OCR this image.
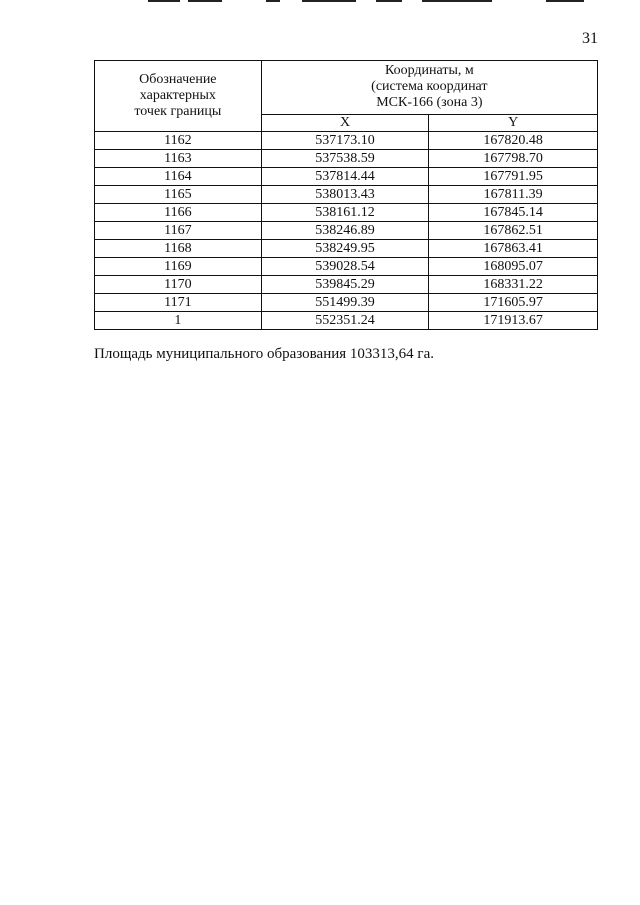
31
Обозначение
характерных
точек границы	Координаты, м
(система координат
МСК-166 (зона 3)	

	X	Y
1162	537173.10	167820.48
1163	537538.59	167798.70
1164	537814.44	167791.95
1165	538013.43	167811.39
1166	538161.12	167845.14
1167	538246.89	167862.51
1168	538249.95	167863.41
1169	539028.54	168095.07
1170	539845.29	168331.22
1171	551499.39	171605.97
1	552351.24	171913.67
Площадь муниципального образования 103313,64 га.
